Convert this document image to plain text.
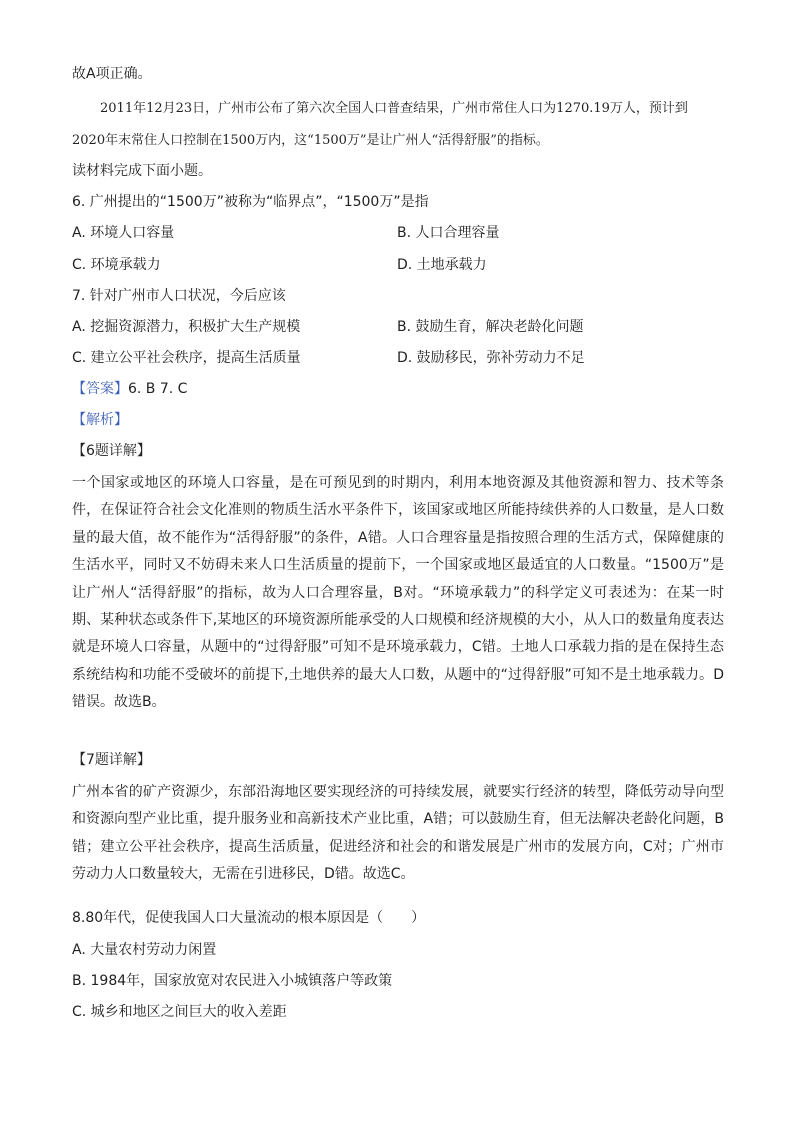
故A项正确。
2011年12月23日，广州市公布了第六次全国人口普查结果，广州市常住人口为1270.19万人，预计到
2020年末常住人口控制在1500万内，这“1500万”是让广州人“活得舒服”的指标。
读材料完成下面小题。
6. 广州提出的“1500万”被称为“临界点”，“1500万”是指
A. 环境人口容量	B. 人口合理容量
C. 环境承载力	D. 土地承载力
7. 针对广州市人口状况，今后应该
A. 挖掘资源潜力，积极扩大生产规模	B. 鼓励生育，解决老龄化问题
C. 建立公平社会秩序，提高生活质量	D. 鼓励移民，弥补劳动力不足
【答案】6. B 7. C
【解析】
【6题详解】
一个国家或地区的环境人口容量，是在可预见到的时期内，利用本地资源及其他资源和智力、技术等条件，在保证符合社会文化准则的物质生活水平条件下，该国家或地区所能持续供养的人口数量，是人口数量的最大值，故不能作为“活得舒服”的条件，A错。人口合理容量是指按照合理的生活方式，保障健康的生活水平，同时又不妨碍未来人口生活质量的提前下，一个国家或地区最适宜的人口数量。“1500万”是让广州人“活得舒服”的指标，故为人口合理容量，B对。“环境承载力”的科学定义可表述为：在某一时期、某种状态或条件下,某地区的环境资源所能承受的人口规模和经济规模的大小，从人口的数量角度表达就是环境人口容量，从题中的“过得舒服”可知不是环境承载力，C错。土地人口承载力指的是在保持生态系统结构和功能不受破坏的前提下,土地供养的最大人口数，从题中的“过得舒服”可知不是土地承载力。D错误。故选B。
【7题详解】
广州本省的矿产资源少，东部沿海地区要实现经济的可持续发展，就要实行经济的转型，降低劳动导向型和资源向型产业比重，提升服务业和高新技术产业比重，A错；可以鼓励生育，但无法解决老龄化问题，B错；建立公平社会秩序，提高生活质量，促进经济和社会的和谐发展是广州市的发展方向，C对；广州市劳动力人口数量较大，无需在引进移民，D错。故选C。
8.80年代，促使我国人口大量流动的根本原因是（　　）
A. 大量农村劳动力闲置
B. 1984年，国家放宽对农民进入小城镇落户等政策
C. 城乡和地区之间巨大的收入差距
